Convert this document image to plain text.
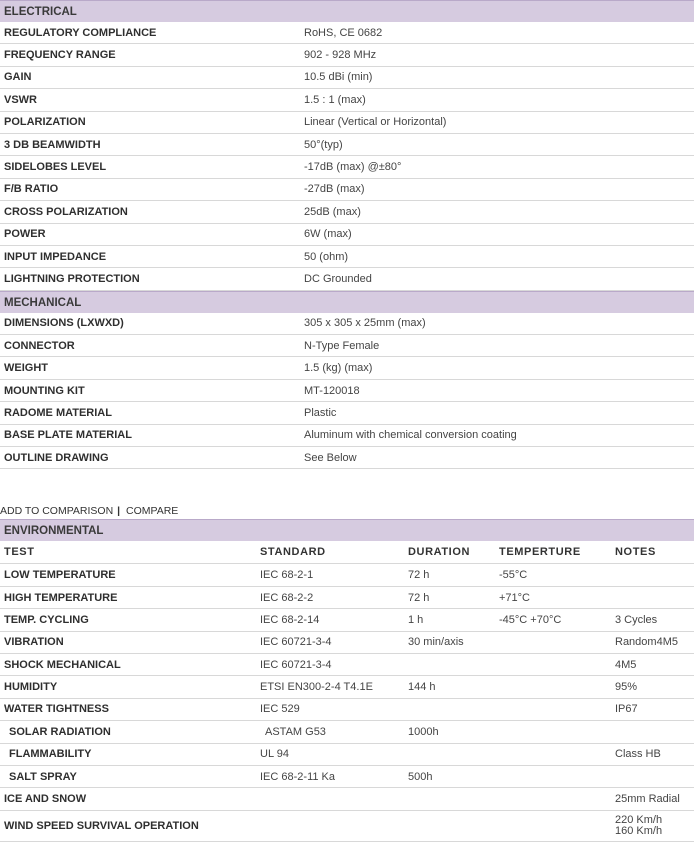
ELECTRICAL
REGULATORY COMPLIANCE	RoHS, CE 0682
FREQUENCY RANGE	902 - 928 MHz
GAIN	10.5 dBi (min)
VSWR	1.5 : 1 (max)
POLARIZATION	Linear (Vertical or Horizontal)
3 DB BEAMWIDTH	50°(typ)
SIDELOBES LEVEL	-17dB (max) @±80°
F/B RATIO	-27dB (max)
CROSS POLARIZATION	25dB (max)
POWER	6W (max)
INPUT IMPEDANCE	50 (ohm)
LIGHTNING PROTECTION	DC Grounded
MECHANICAL
DIMENSIONS (LXWXD)	305 x 305 x 25mm (max)
CONNECTOR	N-Type Female
WEIGHT	1.5 (kg) (max)
MOUNTING KIT	MT-120018
RADOME MATERIAL	Plastic
BASE PLATE MATERIAL	Aluminum with chemical conversion coating
OUTLINE DRAWING	See Below
ADD TO COMPARISON | COMPARE
ENVIRONMENTAL
TEST	STANDARD	DURATION	TEMPERTURE	NOTES
LOW TEMPERATURE	IEC 68-2-1	72 h	-55°C	
HIGH TEMPERATURE	IEC 68-2-2	72 h	+71°C	
TEMP. CYCLING	IEC 68-2-14	1 h	-45°C +70°C	3 Cycles
VIBRATION	IEC 60721-3-4	30 min/axis		Random4M5
SHOCK MECHANICAL	IEC 60721-3-4			4M5
HUMIDITY	ETSI EN300-2-4 T4.1E	144 h		95%
WATER TIGHTNESS	IEC 529			IP67
SOLAR RADIATION	ASTAM G53	1000h		
FLAMMABILITY	UL 94			Class HB
SALT SPRAY	IEC 68-2-11 Ka	500h		
ICE AND SNOW				25mm Radial
WIND SPEED SURVIVAL OPERATION				220 Km/h
160 Km/h
